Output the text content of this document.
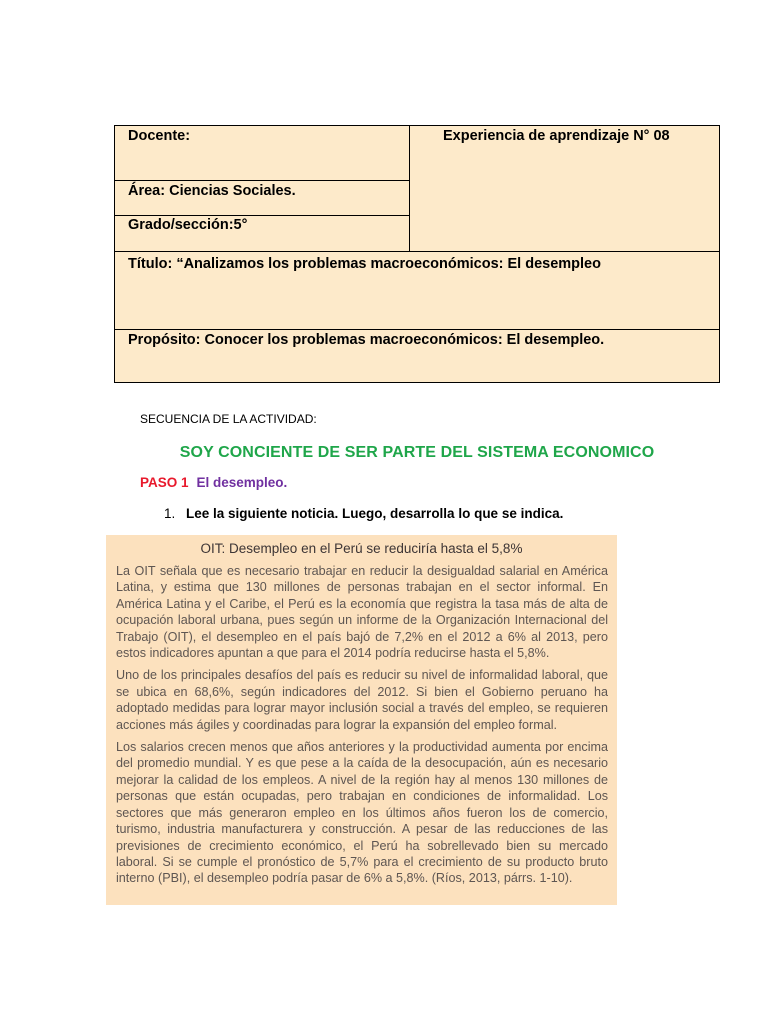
Docente:	Experiencia de aprendizaje N° 08
Área: Ciencias Sociales.
Grado/sección:5°
Título: “Analizamos los problemas macroeconómicos: El desempleo
Propósito: Conocer los problemas macroeconómicos: El desempleo.
SECUENCIA DE LA ACTIVIDAD:
SOY CONCIENTE DE SER PARTE DEL SISTEMA ECONOMICO
PASO 1 El desempleo.
1. Lee la siguiente noticia. Luego, desarrolla lo que se indica.
OIT: Desempleo en el Perú se reduciría hasta el 5,8%

La OIT señala que es necesario trabajar en reducir la desigualdad salarial en América Latina, y estima que 130 millones de personas trabajan en el sector informal. En América Latina y el Caribe, el Perú es la economía que registra la tasa más de alta de ocupación laboral urbana, pues según un informe de la Organización Internacional del Trabajo (OIT), el desempleo en el país bajó de 7,2% en el 2012 a 6% al 2013, pero estos indicadores apuntan a que para el 2014 podría reducirse hasta el 5,8%.

Uno de los principales desafíos del país es reducir su nivel de informalidad laboral, que se ubica en 68,6%, según indicadores del 2012. Si bien el Gobierno peruano ha adoptado medidas para lograr mayor inclusión social a través del empleo, se requieren acciones más ágiles y coordinadas para lograr la expansión del empleo formal.

Los salarios crecen menos que años anteriores y la productividad aumenta por encima del promedio mundial. Y es que pese a la caída de la desocupación, aún es necesario mejorar la calidad de los empleos. A nivel de la región hay al menos 130 millones de personas que están ocupadas, pero trabajan en condiciones de informalidad. Los sectores que más generaron empleo en los últimos años fueron los de comercio, turismo, industria manufacturera y construcción. A pesar de las reducciones de las previsiones de crecimiento económico, el Perú ha sobrellevado bien su mercado laboral. Si se cumple el pronóstico de 5,7% para el crecimiento de su producto bruto interno (PBI), el desempleo podría pasar de 6% a 5,8%. (Ríos, 2013, párrs. 1-10).
